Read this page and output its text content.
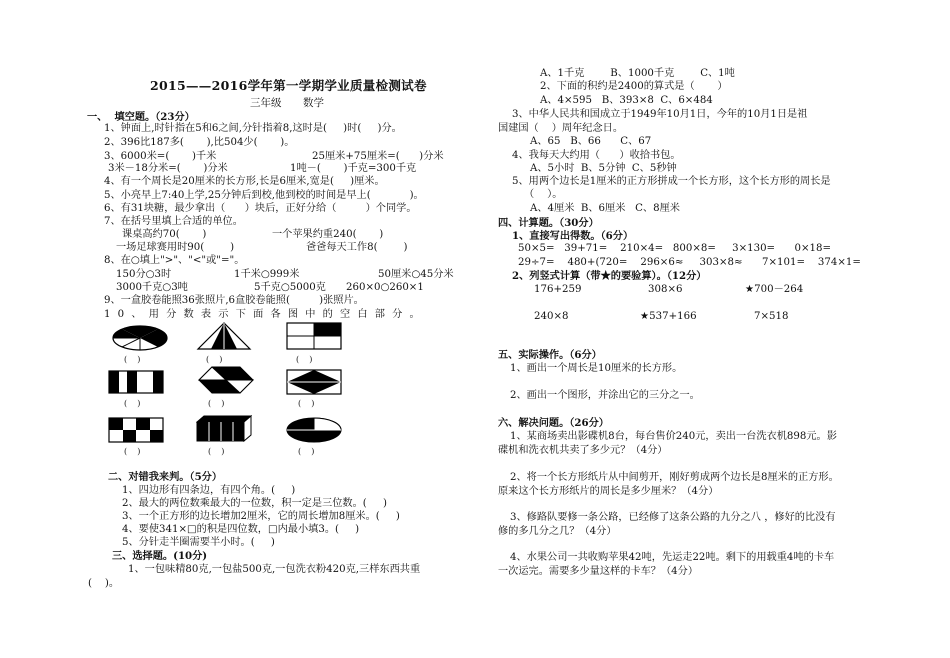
2015——2016学年第一学期学业质量检测试卷
三年级 数学
一、  填空题。（23分）
1、钟面上,时针指在5和6之间,分针指着8,这时是(     )时(     )分。
2、396比187多(       ),比504少(       )。
3、6000米=(       )千米	25厘米+75厘米=(      )分米
3米－18分米=(       )分米	1吨－(       )千克=300千克
4、有一个周长是20厘米的长方形,长是6厘米,宽是(     )厘米。
5、小亮早上7:40上学,25分钟后到校,他到校的时间是早上(            )。
6、有31块糖，最少拿出（      ）块后，正好分给（         ）个同学。
7、在括号里填上合适的单位。
课桌高约70(       )	一个苹果约重240(       )
一场足球赛用时90(        )	爸爸每天工作8(        )
8、在○填上">"、"<"或"="。
150分○3时	1千米○999米	50厘米○45分米
3000千克○3吨	5千克○5000克 260×0○260×1
9、一盒胶卷能照36张照片,6盒胶卷能照(         )张照片。
10、用分数表示下面各图中的空白部分。
(    )	(    )	(    )
(    )	(    )	(    )
(    )	(    )	(    )
二、对错我来判。（5分）
1、四边形有四条边，有四个角。(     )
2、最大的两位数乘最大的一位数，积一定是三位数。(     )
3、一个正方形的边长增加2厘米，它的周长增加8厘米。(     )
4、要使341×□的积是四位数，□内最小填3。(     )
5、分针走半圈需要半小时。(     )
三、选择题。(10分)
1、一包味精80克,一包盐500克,一包洗衣粉420克,三样东西共重
(    )。
A、1千克        B、1000千克        C、1吨
2、下面的积约是2400的算式是（       ）
A、4×595   B、393×8  C、6×484
3、中华人民共和国成立于1949年10月1日，今年的10月1日是祖
国建国（    ）周年纪念日。
A、65   B、66      C、67
4、我每天大约用（      ）收拾书包。
A、5小时  B、5分钟  C、5秒钟
5、用两个边长是1厘米的正方形拼成一个长方形，这个长方形的周长是
（    ）。
A、4厘米  B、6厘米   C、8厘米
四、计算题。（30分）
1、直接写出得数。（6分）
50×5=   39+71=    210×4=   800×8=     3×130=      0×18=
29÷7=    480+(720=    296×6≈     303×8≈      7×101=    374×1=
2、列竖式计算（带★的要验算）。（12分）
176+259	308×6	★700－264
240×8	★537+166	7×518
五、实际操作。（6分）
1、画出一个周长是10厘米的长方形。
2、画出一个图形，并涂出它的三分之一。
六、解决问题。（26分）
1、某商场卖出影碟机8台，每台售价240元，卖出一台洗衣机898元。影
碟机和洗衣机共卖了多少元？（4分）
2、将一个长方形纸片从中间剪开，刚好剪成两个边长是8厘米的正方形。
原来这个长方形纸片的周长是多少厘米？（4分）
3、修路队要修一条公路，已经修了这条公路的九分之八 ，修好的比没有
修的多几分之几？（4分）
4、水果公司一共收购苹果42吨，先运走22吨。剩下的用载重4吨的卡车
一次运完。需要多少量这样的卡车？（4分）
